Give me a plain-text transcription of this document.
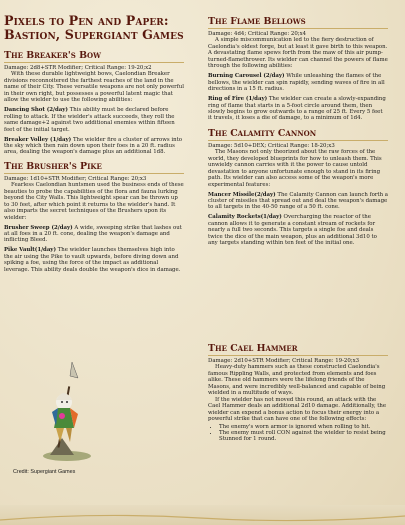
Pixels to Pen and Paper: Bastion, Supergiant Games
The Breaker's Bow

Damage: 2d8+STR Modifier; Critical Range: 19-20;x2

With these durable lightweight bows, Caelondian Breaker divisions reconnoitered the farthest reaches of the land in the name of their City. These versatile weapons are not only powerful in their own right, but possesses a powerful latent magic that allow the wielder to use the following abilities:

Dancing Shot (2/day) This ability must be declared before rolling to attack. If the wielder's attack succeeds, they roll the same damage+2 against two additional enemies within fifteen feet of the initial target.

Breaker Volley (1/day) The wielder fire a cluster of arrows into the sky which then rain down upon their foes in a 20 ft. radius area, dealing the weapon's damage plus an additional 1d8.

The Brusher's Pike

Damage: 1d10+STR Modifier; Critical Range: 20;x3

Fearless Caelondian huntsmen used the business ends of these beauties to probe the capabilities of the flora and fauna lurking beyond the City Walls. This lightweight spear can be thrown up to 30 feet, after which point it returns to the wielder's hand. It also imparts the secret techniques of the Brushers upon its wielder:

Brusher Sweep (2/day) A wide, sweeping strike that lashes out at all foes in a 20 ft. cone, dealing the weapon's damage and inflicting Bleed.

Pike Vault(1/day) The wielder launches themselves high into the air using the Pike to vault upwards, before diving down and spiking a foe, using the force of the impact as additional leverage. This ability deals double the weapon's dice in damage.

Credit: Supergiant Games
The Flame Bellows

Damage: 4d4; Critical Range: 20;x4

A simple miscommunication led to the fiery destruction of Caelondia's oldest forge, but at least it gave birth to this weapon. A devastating flame spews forth from the maw of this air pump-turned-flamethrower. Its wielder can channel the powers of flame through the following abilities:

Burning Carousel (2/day) While unleashing the flames of the bellows, the wielder can spin rapidly, sending waves of fire in all directions in a 15 ft. radius.

Ring of Fire (1/day) The wielder can create a slowly-expanding ring of flame that starts in a 5-foot circle around them, then slowly begins to grow outwards to a range of 25 ft. Every 5 feet it travels, it loses a die of damage, to a minimum of 1d4.

The Calamity Cannon

Damage: 5d10+DEX; Critical Range: 18-20;x3

The Masons not only theorized about the raw forces of the world, they developed blueprints for how to unleash them. This unwieldy cannon carries with it the power to cause untold devastation to anyone unfortunate enough to stand in its firing path. Its wielder can also access some of the weapon's more experimental features:

Mancer Missile(2/day) The Calamity Cannon can launch forth a cluster of missiles that spread out and deal the weapon's damage to all targets in the 40-50 range of a 50 ft. cone.

Calamity Rockets(1/day) Overcharging the reactor of the cannon allows it to generate a constant stream of rockets for nearly a full two seconds. This targets a single foe and deals twice the dice of the main weapon, plus an additional 3d10 to any targets standing within ten feet of the initial one.

The Cael Hammer

Damage: 2d10+STR Modifier; Critical Range: 19-20;x3

Heavy-duty hammers such as these constructed Caelondia's famous Rippling Walls, and protected from elements and foes alike. These old hammers were the lifelong friends of the Masons, and were incredibly well-balanced and capable of being wielded in a multitude of ways.

If the wielder has not moved this round, an attack with the Cael Hammer deals an additional 2d10 damage. Additionally, the wielder can expend a bonus action to focus their energy into a powerful strike that can have one of the following effects:

• The enemy's worn armor is ignored when rolling to hit.
• The enemy must roll CON against the wielder to resist being Stunned for 1 round.
